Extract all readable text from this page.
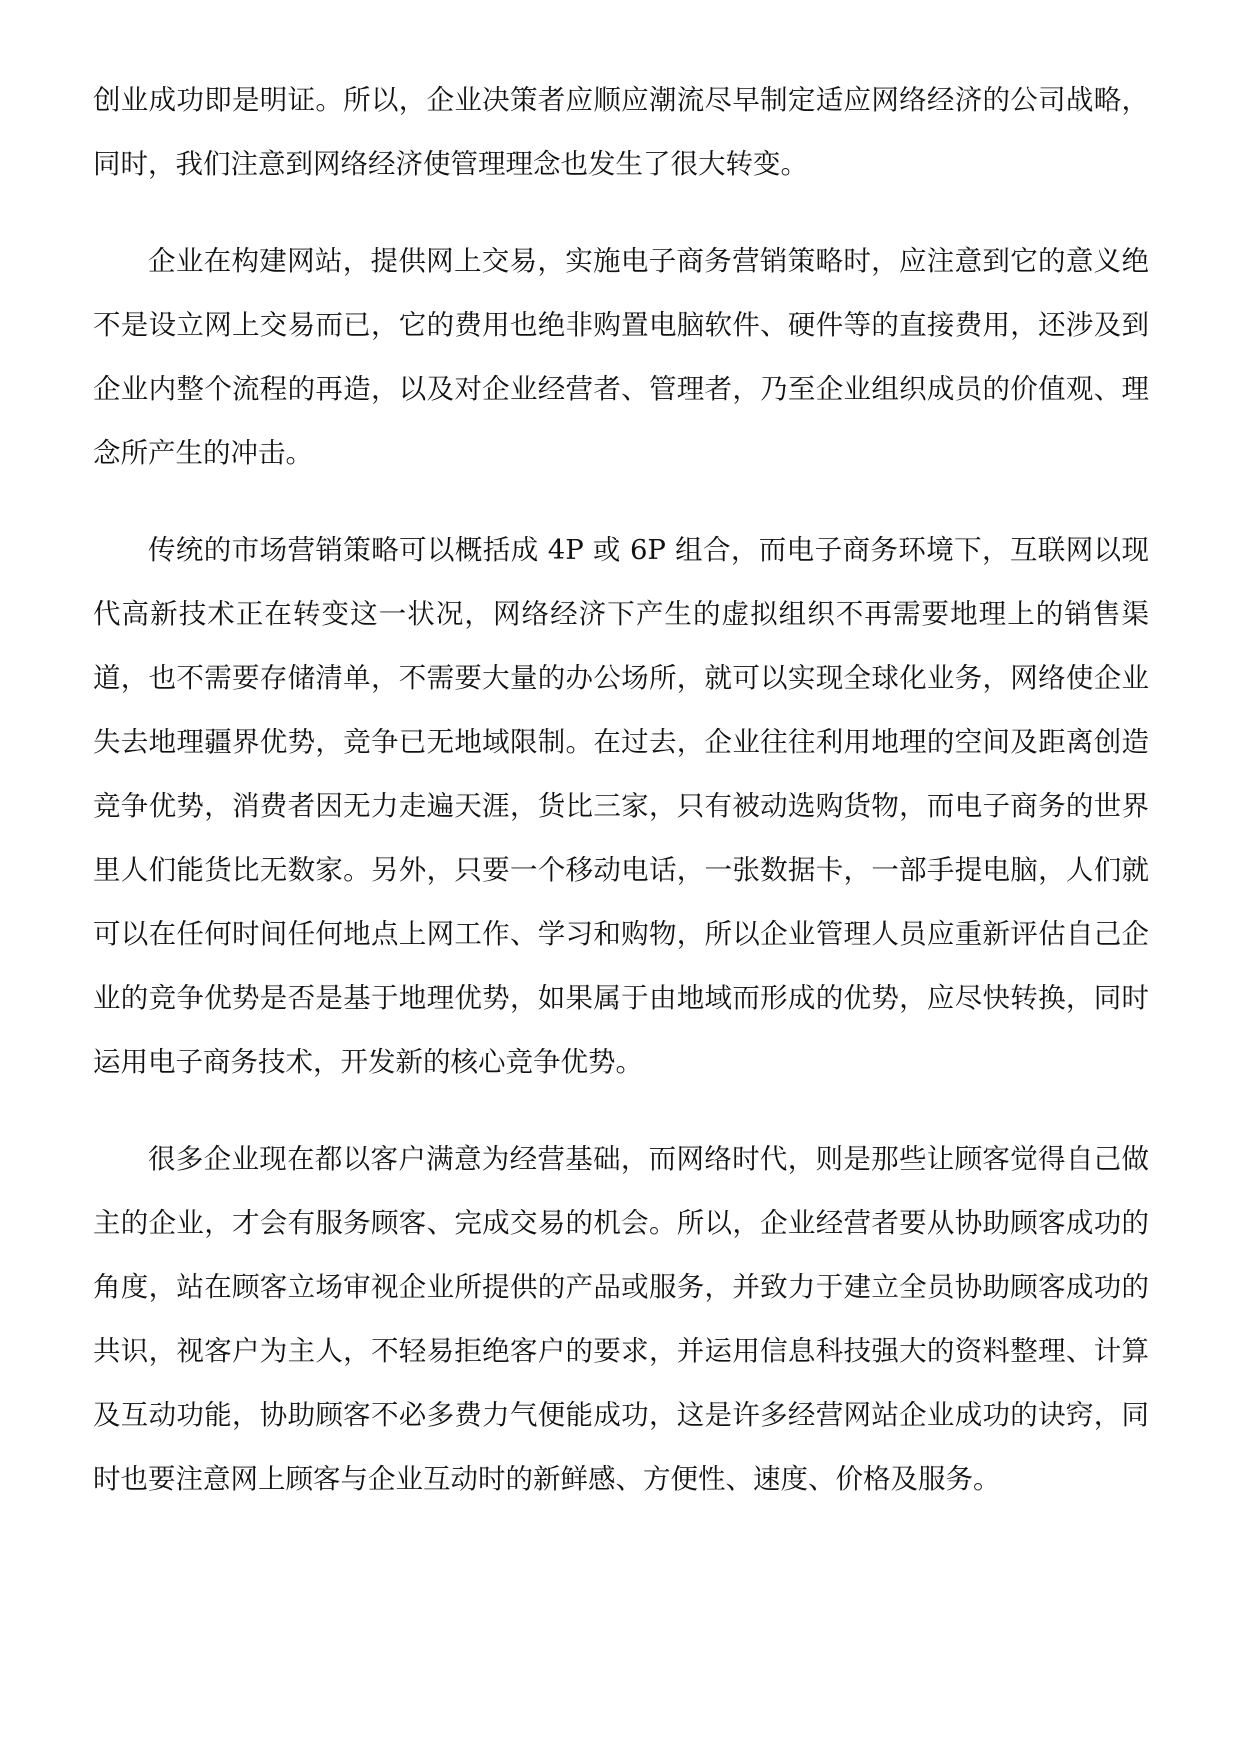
创业成功即是明证。所以，企业决策者应顺应潮流尽早制定适应网络经济的公司战略，同时，我们注意到网络经济使管理理念也发生了很大转变。

企业在构建网站，提供网上交易，实施电子商务营销策略时，应注意到它的意义绝不是设立网上交易而已，它的费用也绝非购置电脑软件、硬件等的直接费用，还涉及到企业内整个流程的再造，以及对企业经营者、管理者，乃至企业组织成员的价值观、理念所产生的冲击。

传统的市场营销策略可以概括成 4P 或 6P 组合，而电子商务环境下，互联网以现代高新技术正在转变这一状况，网络经济下产生的虚拟组织不再需要地理上的销售渠道，也不需要存储清单，不需要大量的办公场所，就可以实现全球化业务，网络使企业失去地理疆界优势，竞争已无地域限制。在过去，企业往往利用地理的空间及距离创造竞争优势，消费者因无力走遍天涯，货比三家，只有被动选购货物，而电子商务的世界里人们能货比无数家。另外，只要一个移动电话，一张数据卡，一部手提电脑，人们就可以在任何时间任何地点上网工作、学习和购物，所以企业管理人员应重新评估自己企业的竞争优势是否是基于地理优势，如果属于由地域而形成的优势，应尽快转换，同时运用电子商务技术，开发新的核心竞争优势。

很多企业现在都以客户满意为经营基础，而网络时代，则是那些让顾客觉得自己做主的企业，才会有服务顾客、完成交易的机会。所以，企业经营者要从协助顾客成功的角度，站在顾客立场审视企业所提供的产品或服务，并致力于建立全员协助顾客成功的共识，视客户为主人，不轻易拒绝客户的要求，并运用信息科技强大的资料整理、计算及互动功能，协助顾客不必多费力气便能成功，这是许多经营网站企业成功的诀窍，同时也要注意网上顾客与企业互动时的新鲜感、方便性、速度、价格及服务。
